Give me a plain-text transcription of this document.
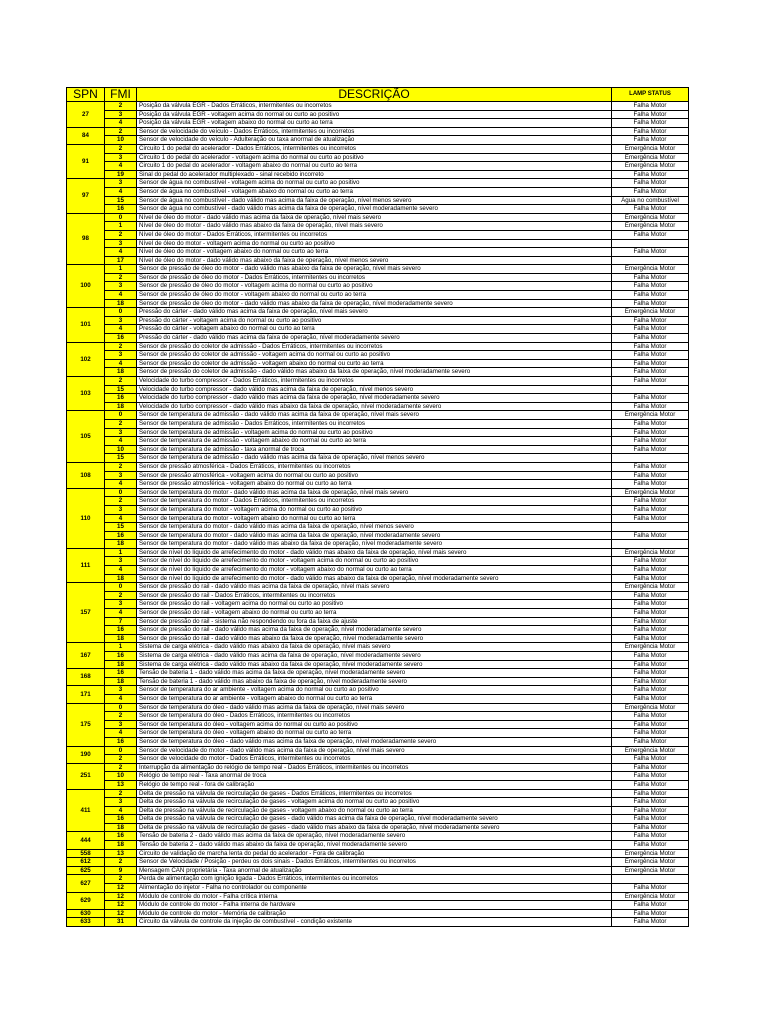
SPN	FMI	DESCRIÇÃO	LAMP STATUS
27	2	Posição da válvula EGR - Dados Erráticos, intermitentes ou incorretos	Falha Motor
	3	Posição da válvula EGR - voltagem acima do normal ou curto ao positivo	Falha Motor
	4	Posição da válvula EGR - voltagem abaixo do normal ou curto ao terra	Falha Motor
84	2	Sensor de velocidade do veículo - Dados Erráticos, intermitentes ou incorretos	Falha Motor
	10	Sensor de velocidade do veículo - Adulteração ou taxa anormal de atualização	Falha Motor
91	2	Circuito 1 do pedal do acelerador - Dados Erráticos, intermitentes ou incorretos	Emergência Motor
	3	Circuito 1 do pedal do acelerador - voltagem acima do normal ou curto ao positivo	Emergência Motor
	4	Circuito 1 do pedal do acelerador - voltagem abaixo do normal ou curto ao terra	Emergência Motor
	19	Sinal do pedal do acelerador multiplexado - sinal recebido incorreto	Falha Motor
97	3	Sensor de água no combustível - voltagem acima do normal ou curto ao positivo	Falha Motor
	4	Sensor de água no combustível - voltagem abaixo do normal ou curto ao terra	Falha Motor
	15	Sensor de água no combustível - dado válido mas acima da faixa de operação, nível menos severo	Água no combustível
	16	Sensor de água no combustível - dado válido mas acima da faixa de operação, nível moderadamente severo	Falha Motor
98	0	Nível de óleo do motor - dado válido mas acima da faixa de operação, nível mais severo	Emergência Motor
	1	Nível de óleo do motor - dado válido mas abaixo da faixa de operação, nível mais severo	Emergência Motor
	2	Nível de óleo do motor - Dados Erráticos, intermitentes ou incorretos	Falha Motor
	3	Nível de óleo do motor - voltagem acima do normal ou curto ao positivo	
	4	Nível de óleo do motor - voltagem abaixo do normal ou curto ao terra	Falha Motor
	17	Nível de óleo do motor - dado válido mas abaixo da faixa de operação, nível menos severo	
100	1	Sensor de pressão de óleo do motor - dado válido mas abaixo da faixa de operação, nível mais severo	Emergência Motor
	2	Sensor de pressão de óleo do motor - Dados Erráticos, intermitentes ou incorretos	Falha Motor
	3	Sensor de pressão de óleo do motor - voltagem acima do normal ou curto ao positivo	Falha Motor
	4	Sensor de pressão de óleo do motor - voltagem abaixo do normal ou curto ao terra	Falha Motor
	18	Sensor de pressão de óleo do motor - dado válido mas abaixo da faixa de operação, nível moderadamente severo	Falha Motor
101	0	Pressão do cárter - dado válido mas acima da faixa de operação, nível mais severo	Emergência Motor
	3	Pressão do cárter - voltagem acima do normal ou curto ao positivo	Falha Motor
	4	Pressão do cárter - voltagem abaixo do normal ou curto ao terra	Falha Motor
	16	Pressão do cárter - dado válido mas acima da faixa de operação, nível moderadamente severo	Falha Motor
102	2	Sensor de pressão do coletor de admissão - Dados Erráticos, intermitentes ou incorretos	Falha Motor
	3	Sensor de pressão do coletor de admissão - voltagem acima do normal ou curto ao positivo	Falha Motor
	4	Sensor de pressão do coletor de admissão - voltagem abaixo do normal ou curto ao terra	Falha Motor
	18	Sensor de pressão do coletor de admissão - dado válido mas abaixo da faixa de operação, nível moderadamente severo	Falha Motor
103	2	Velocidade do turbo compressor - Dados Erráticos, intermitentes ou incorretos	Falha Motor
	15	Velocidade do turbo compressor - dado válido mas acima da faixa de operação, nível menos severo	
	16	Velocidade do turbo compressor - dado válido mas acima da faixa de operação, nível moderadamente severo	Falha Motor
	18	Velocidade do turbo compressor - dado válido mas abaixo da faixa de operação, nível moderadamente severo	Falha Motor
105	0	Sensor de temperatura de admissão - dado válido mas acima da faixa de operação, nível mais severo	Emergência Motor
	2	Sensor de temperatura de admissão - Dados Erráticos, intermitentes ou incorretos	Falha Motor
	3	Sensor de temperatura de admissão - voltagem acima do normal ou curto ao positivo	Falha Motor
	4	Sensor de temperatura de admissão - voltagem abaixo do normal ou curto ao terra	Falha Motor
	10	Sensor de temperatura de admissão - taxa anormal de troca	Falha Motor
	15	Sensor de temperatura de admissão - dado válido mas acima da faixa de operação, nível menos severo	
108	2	Sensor de pressão atmosférica - Dados Erráticos, intermitentes ou incorretos	Falha Motor
	3	Sensor de pressão atmosférica - voltagem acima do normal ou curto ao positivo	Falha Motor
	4	Sensor de pressão atmosférica - voltagem abaixo do normal ou curto ao terra	Falha Motor
110	0	Sensor de temperatura do motor - dado válido mas acima da faixa de operação, nível mais severo	Emergência Motor
	2	Sensor de temperatura do motor - Dados Erráticos, intermitentes ou incorretos	Falha Motor
	3	Sensor de temperatura do motor - voltagem acima do normal ou curto ao positivo	Falha Motor
	4	Sensor de temperatura do motor - voltagem abaixo do normal ou curto ao terra	Falha Motor
	15	Sensor de temperatura do motor - dado válido mas acima da faixa de operação, nível menos severo	
	16	Sensor de temperatura do motor - dado válido mas acima da faixa de operação, nível moderadamente severo	Falha Motor
	18	Sensor de temperatura do motor - dado válido mas abaixo da faixa de operação, nível moderadamente severo	
111	1	Sensor de nível do líquido de arrefecimento do motor - dado válido mas abaixo da faixa de operação, nível mais severo	Emergência Motor
	3	Sensor de nível do líquido de arrefecimento do motor - voltagem acima do normal ou curto ao positivo	Falha Motor
	4	Sensor de nível do líquido de arrefecimento do motor - voltagem abaixo do normal ou curto ao terra	Falha Motor
	18	Sensor de nível do líquido de arrefecimento do motor - dado válido mas abaixo da faixa de operação, nível moderadamente severo	Falha Motor
157	0	Sensor de pressão do rail - dado válido mas acima da faixa de operação, nível mais severo	Emergência Motor
	2	Sensor de pressão do rail - Dados Erráticos, intermitentes ou incorretos	Falha Motor
	3	Sensor de pressão do rail - voltagem acima do normal ou curto ao positivo	Falha Motor
	4	Sensor de pressão do rail - voltagem abaixo do normal ou curto ao terra	Falha Motor
	7	Sensor de pressão do rail - sistema não respondendo ou fora da faixa de ajuste	Falha Motor
	16	Sensor de pressão do rail - dado válido mas acima da faixa de operação, nível moderadamente severo	Falha Motor
	18	Sensor de pressão do rail - dado válido mas abaixo da faixa de operação, nível moderadamente severo	Falha Motor
167	1	Sistema de carga elétrica - dado válido mas abaixo da faixa de operação, nível mais severo	Emergência Motor
	16	Sistema de carga elétrica - dado válido mas acima da faixa de operação, nível moderadamente severo	Falha Motor
	18	Sistema de carga elétrica - dado válido mas abaixo da faixa de operação, nível moderadamente severo	Falha Motor
168	16	Tensão de bateria 1 - dado válido mas acima da faixa de operação, nível moderadamente severo	Falha Motor
	18	Tensão de bateria 1 - dado válido mas abaixo da faixa de operação, nível moderadamente severo	Falha Motor
171	3	Sensor de temperatura do ar ambiente - voltagem acima do normal ou curto ao positivo	Falha Motor
	4	Sensor de temperatura do ar ambiente - voltagem abaixo do normal ou curto ao terra	Falha Motor
175	0	Sensor de temperatura do óleo - dado válido mas acima da faixa de operação, nível mais severo	Emergência Motor
	2	Sensor de temperatura do óleo - Dados Erráticos, intermitentes ou incorretos	Falha Motor
	3	Sensor de temperatura do óleo - voltagem acima do normal ou curto ao positivo	Falha Motor
	4	Sensor de temperatura do óleo - voltagem abaixo do normal ou curto ao terra	Falha Motor
	16	Sensor de temperatura do óleo - dado válido mas acima da faixa de operação, nível moderadamente severo	Falha Motor
190	0	Sensor de velocidade do motor - dado válido mas acima da faixa de operação, nível mais severo	Emergência Motor
	2	Sensor de velocidade do motor - Dados Erráticos, intermitentes ou incorretos	Falha Motor
251	2	Interrupção da alimentação do relógio de tempo real - Dados Erráticos, intermitentes ou incorretos	Falha Motor
	10	Relógio de tempo real - Taxa anormal de troca	Falha Motor
	13	Relógio de tempo real - fora de calibração	Falha Motor
411	2	Delta de pressão na válvula de recirculação de gases - Dados Erráticos, intermitentes ou incorretos	Falha Motor
	3	Delta de pressão na válvula de recirculação de gases - voltagem acima do normal ou curto ao positivo	Falha Motor
	4	Delta de pressão na válvula de recirculação de gases - voltagem abaixo do normal ou curto ao terra	Falha Motor
	16	Delta de pressão na válvula de recirculação de gases - dado válido mas acima da faixa de operação, nível moderadamente severo	Falha Motor
	18	Delta de pressão na válvula de recirculação de gases - dado válido mas abaixo da faixa de operação, nível moderadamente severo	Falha Motor
444	16	Tensão de bateria 2 - dado válido mas acima da faixa de operação, nível moderadamente severo	Falha Motor
	18	Tensão de bateria 2 - dado válido mas abaixo da faixa de operação, nível moderadamente severo	Falha Motor
558	13	Circuito de validação de marcha lenta do pedal do acelerador - Fora de calibração	Emergência Motor
612	2	Sensor de Velocidade / Posição - perdeu os dois sinais - Dados Erráticos, intermitentes ou incorretos	Emergência Motor
625	9	Mensagem CAN proprietária - Taxa anormal de atualização	Emergência Motor
627	2	Perda de alimentação com ignição ligada - Dados Erráticos, intermitentes ou incorretos	
	12	Alimentação do injetor - Falha no controlador ou componente	Falha Motor
629	12	Módulo de controle do motor - Falha crítica interna	Emergência Motor
	12	Módulo de controle do motor - Falha interna de hardware	Falha Motor
630	12	Módulo de controle do motor - Memória de calibração	Falha Motor
633	31	Circuito da válvula de controle da injeção de combustível - condição existente	Falha Motor
